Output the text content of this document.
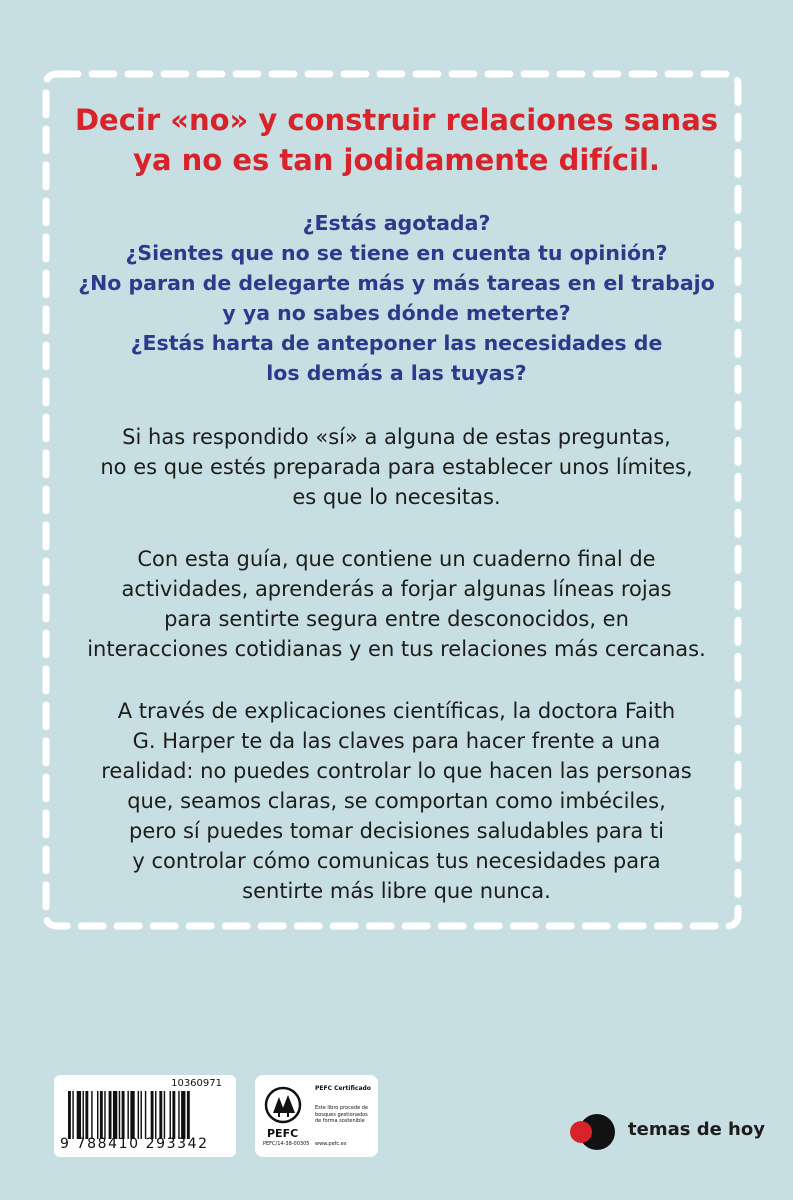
Decir «no» y construir relaciones sanas
ya no es tan jodidamente difícil.
¿Estás agotada?
¿Sientes que no se tiene en cuenta tu opinión?
¿No paran de delegarte más y más tareas en el trabajo
y ya no sabes dónde meterte?
¿Estás harta de anteponer las necesidades de
los demás a las tuyas?

Si has respondido «sí» a alguna de estas preguntas,
no es que estés preparada para establecer unos límites,
es que lo necesitas.

Con esta guía, que contiene un cuaderno final de
actividades, aprenderás a forjar algunas líneas rojas
para sentirte segura entre desconocidos, en
interacciones cotidianas y en tus relaciones más cercanas.

A través de explicaciones científicas, la doctora Faith
G. Harper te da las claves para hacer frente a una
realidad: no puedes controlar lo que hacen las personas
que, seamos claras, se comportan como imbéciles,
pero sí puedes tomar decisiones saludables para ti
y controlar cómo comunicas tus necesidades para
sentirte más libre que nunca.

10360971
9 788410 293342
PEFC
PEFC/14-38-00305
PEFC Certificado
Este libro procede de
bosques gestionados
de forma sostenible
www.pefc.es
temas de hoy
